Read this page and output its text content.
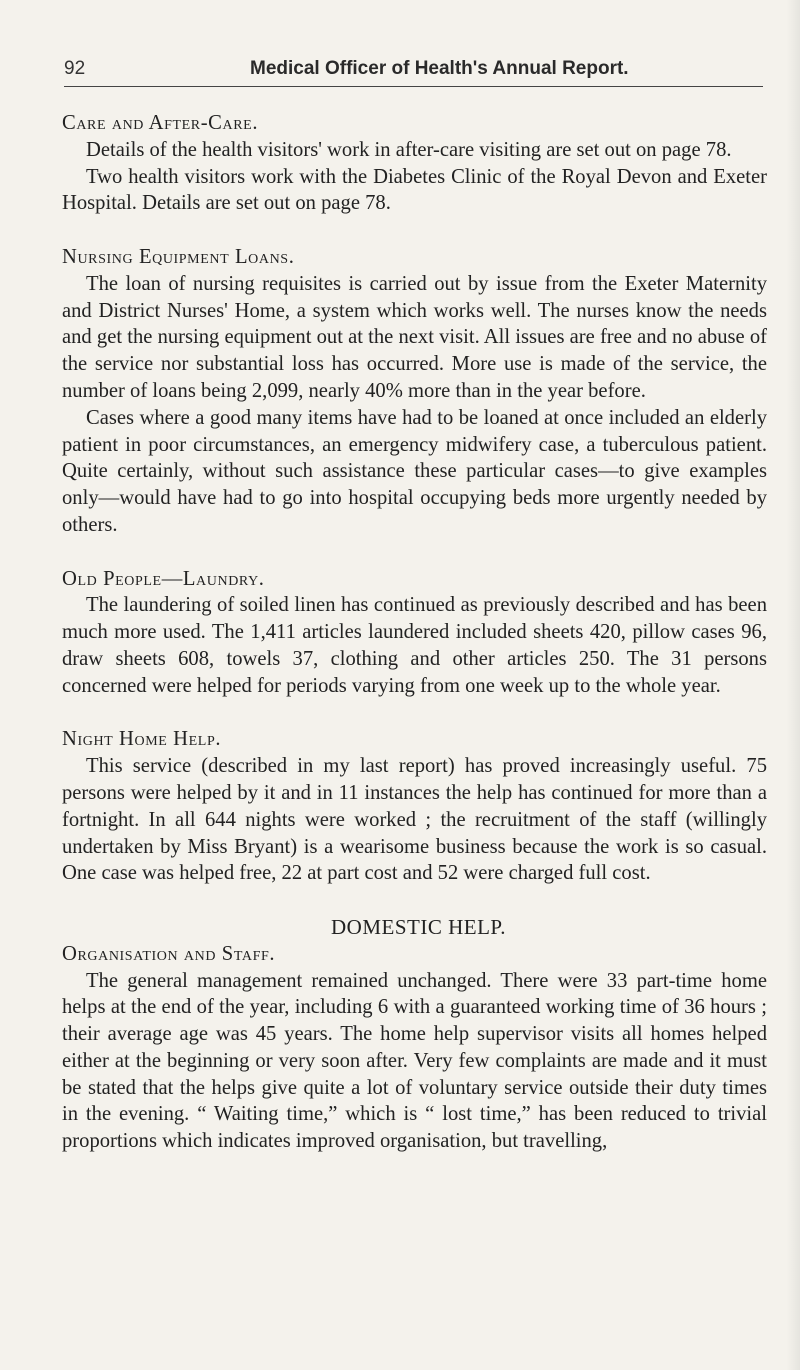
92	Medical Officer of Health's Annual Report.

Care and After-Care.

Details of the health visitors' work in after-care visiting are set out on page 78.

Two health visitors work with the Diabetes Clinic of the Royal Devon and Exeter Hospital. Details are set out on page 78.

Nursing Equipment Loans.

The loan of nursing requisites is carried out by issue from the Exeter Maternity and District Nurses' Home, a system which works well. The nurses know the needs and get the nursing equipment out at the next visit. All issues are free and no abuse of the service nor substantial loss has occurred. More use is made of the service, the number of loans being 2,099, nearly 40% more than in the year before.

Cases where a good many items have had to be loaned at once included an elderly patient in poor circumstances, an emergency midwifery case, a tuberculous patient. Quite certainly, without such assistance these particular cases—to give examples only—would have had to go into hospital occupying beds more urgently needed by others.

Old People—Laundry.

The laundering of soiled linen has continued as previously described and has been much more used. The 1,411 articles laundered included sheets 420, pillow cases 96, draw sheets 608, towels 37, clothing and other articles 250. The 31 persons concerned were helped for periods varying from one week up to the whole year.

Night Home Help.

This service (described in my last report) has proved increasingly useful. 75 persons were helped by it and in 11 instances the help has continued for more than a fortnight. In all 644 nights were worked ; the recruitment of the staff (willingly undertaken by Miss Bryant) is a wearisome business because the work is so casual. One case was helped free, 22 at part cost and 52 were charged full cost.

DOMESTIC HELP.

Organisation and Staff.

The general management remained unchanged. There were 33 part-time home helps at the end of the year, including 6 with a guaranteed working time of 36 hours ; their average age was 45 years. The home help supervisor visits all homes helped either at the beginning or very soon after. Very few complaints are made and it must be stated that the helps give quite a lot of voluntary service outside their duty times in the evening. “ Waiting time,” which is “ lost time,” has been reduced to trivial proportions which indicates improved organisation, but travelling,
